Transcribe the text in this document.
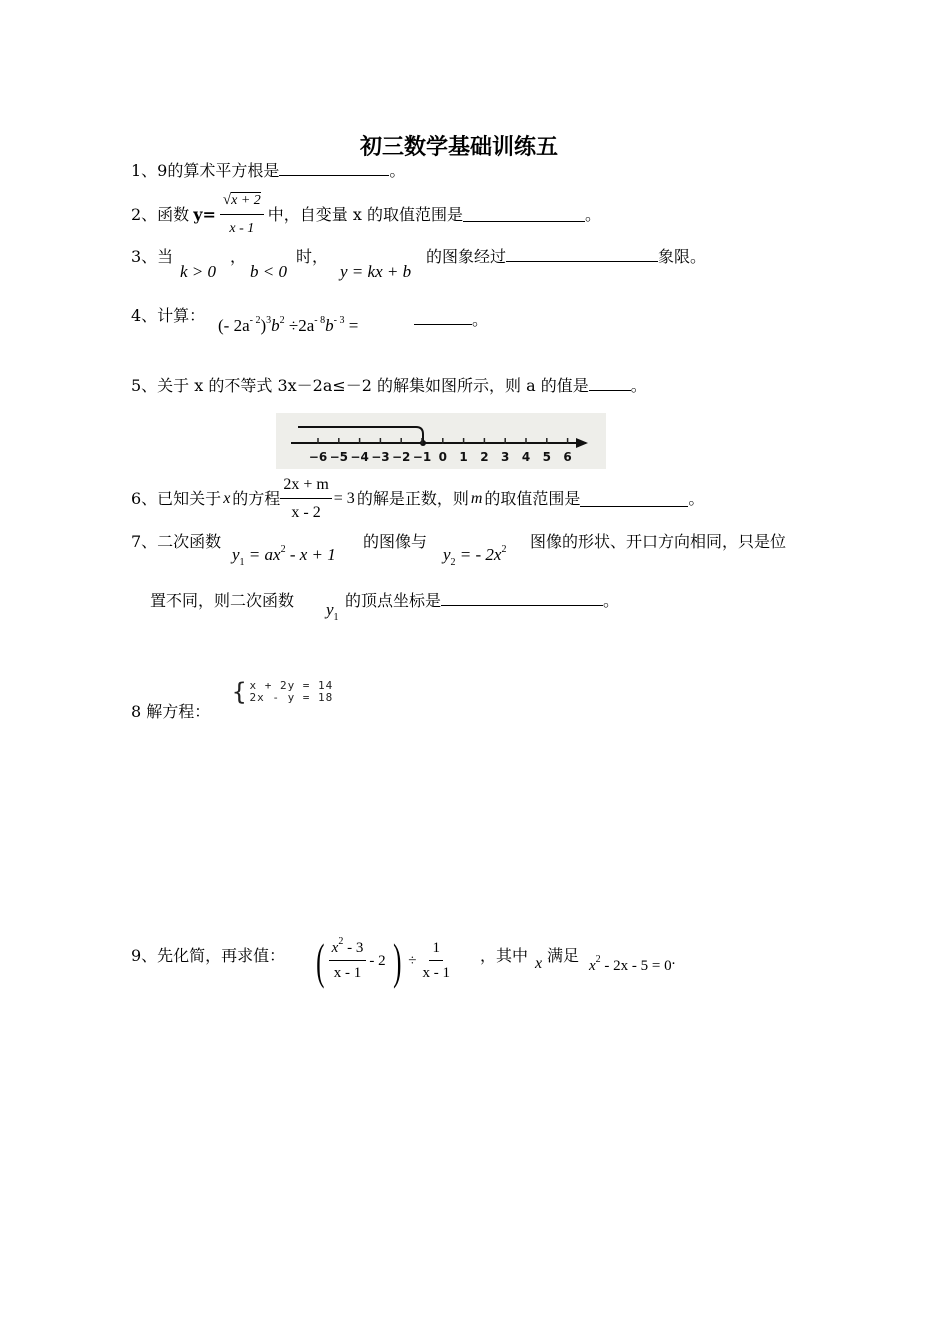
初三数学基础训练五
1、9的算术平方根是	。
2、函数 $y= \frac{√x + 2}{x - 1}$ 中，自变量 x 的取值范围是	。
3、当
k > 0
，
b < 0
时，
y = kx + b
的图象经过	象限。
4、计算：
(- $2a^{- 2})^3b^2 \div 2a^{- 8}b^{- 3}$ =	。
5、关于 x 的不等式 3x－2a≤－2 的解集如图所示，则 a 的值是	。
−6 −5 −4 −3 −2 −1 0 1 2 3 4 5 6
6、已知关于 x 的方程 $\frac{2x + m}{x - 2} = 3$ 的解是正数，则 m 的取值范围是	。
7、二次函数
$y_1 = ax^2 - x + 1$
的图像与
$y_2$ = - $2x^2$ 图像的形状、开口方向相同，只是位
置不同，则二次函数 $y_1$
的顶点坐标是	。
8 解方程：
{ x + 2y = 14
2x - y = 18
9、先化简，再求值： ( $\frac{x^2 - 3}{x - 1} - 2$ ) ÷ $\frac{1}{x - 1}$ ，其中 x 满足
$x^2 - 2x - 5 = 0$.
